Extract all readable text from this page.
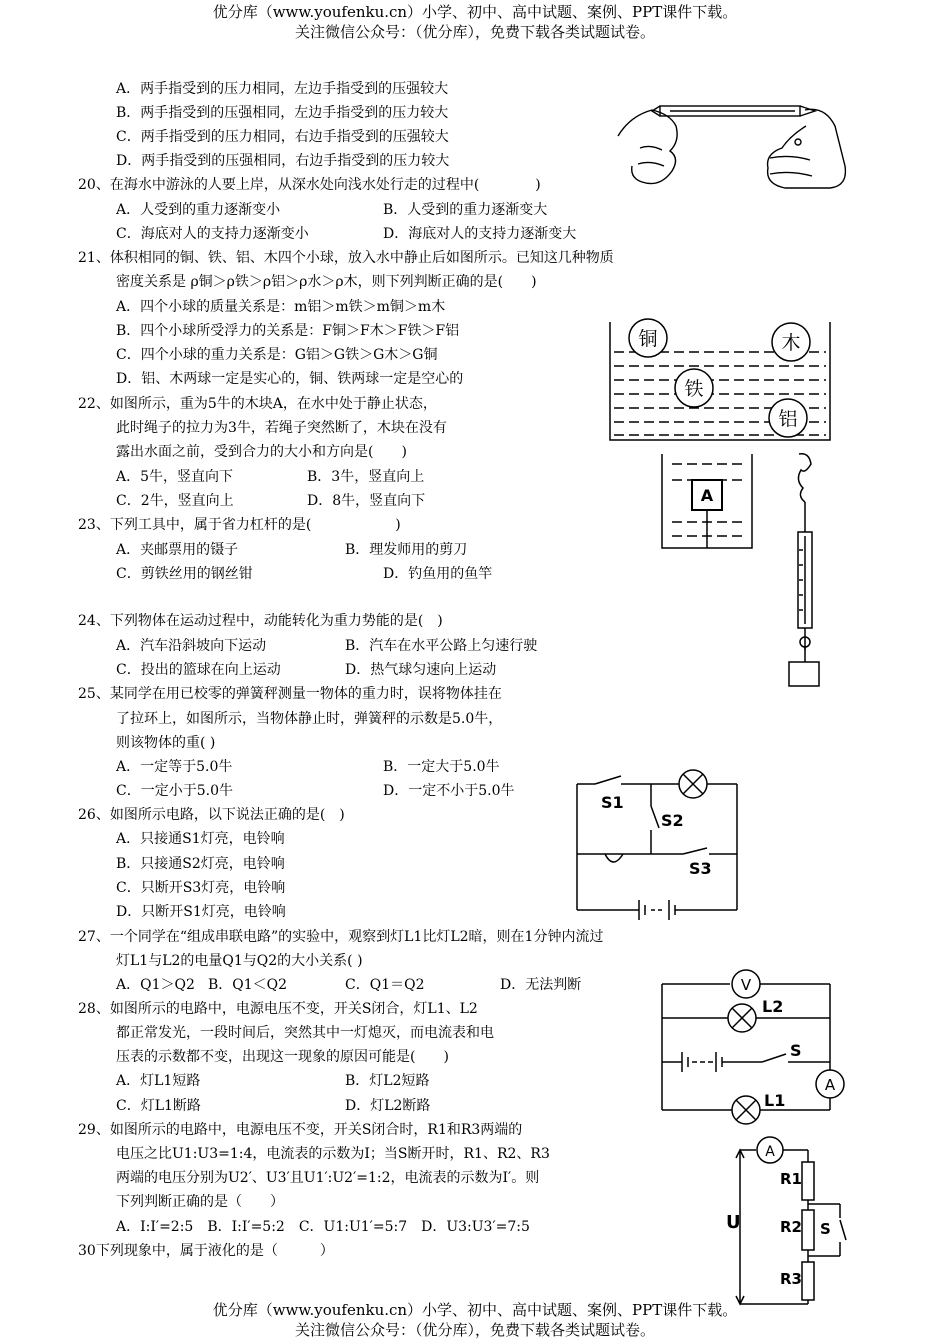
优分库（www.youfenku.cn）小学、初中、高中试题、案例、PPT课件下载。
关注微信公众号：（优分库），免费下载各类试题试卷。
A．两手指受到的压力相同，左边手指受到的压强较大
B．两手指受到的压强相同，左边手指受到的压力较大
C．两手指受到的压力相同，右边手指受到的压强较大
D．两手指受到的压强相同，右边手指受到的压力较大
20、在海水中游泳的人要上岸，从深水处向浅水处行走的过程中(　　　　)
A．人受到的重力逐渐变小	B．人受到的重力逐渐变大
C．海底对人的支持力逐渐变小	D．海底对人的支持力逐渐变大
21、体积相同的铜、铁、铝、木四个小球，放入水中静止后如图所示。已知这几种物质
密度关系是 ρ铜＞ρ铁＞ρ铝＞ρ水＞ρ木，则下列判断正确的是(　　)
A．四个小球的质量关系是：m铝＞m铁＞m铜＞m木
B．四个小球所受浮力的关系是：F铜＞F木＞F铁＞F铝
C．四个小球的重力关系是：G铝＞G铁＞G木＞G铜
D．铝、木两球一定是实心的，铜、铁两球一定是空心的
22、如图所示，重为5牛的木块A，在水中处于静止状态，
此时绳子的拉力为3牛，若绳子突然断了，木块在没有
露出水面之前，受到合力的大小和方向是(　　)
A．5牛，竖直向下	B．3牛，竖直向上
C．2牛，竖直向上	D．8牛，竖直向下
23、下列工具中，属于省力杠杆的是(　　　　　　)
A．夹邮票用的镊子	B．理发师用的剪刀
C．剪铁丝用的钢丝钳	D．钓鱼用的鱼竿
24、下列物体在运动过程中，动能转化为重力势能的是(　)
A．汽车沿斜坡向下运动	B．汽车在水平公路上匀速行驶
C．投出的篮球在向上运动	D．热气球匀速向上运动
25、某同学在用已校零的弹簧秤测量一物体的重力时，误将物体挂在
了拉环上，如图所示，当物体静止时，弹簧秤的示数是5.0牛，
则该物体的重( )
A．一定等于5.0牛	B．一定大于5.0牛
C．一定小于5.0牛	D．一定不小于5.0牛
26、如图所示电路，以下说法正确的是(　)
A．只接通S1灯亮，电铃响
B．只接通S2灯亮，电铃响
C．只断开S3灯亮，电铃响
D．只断开S1灯亮，电铃响
27、一个同学在“组成串联电路”的实验中，观察到灯L1比灯L2暗，则在1分钟内流过
灯L1与L2的电量Q1与Q2的大小关系( )
A．Q1＞Q2 B．Q1＜Q2	C．Q1＝Q2	D．无法判断
28、如图所示的电路中，电源电压不变，开关S闭合，灯L1、L2
都正常发光，一段时间后，突然其中一灯熄灭，而电流表和电
压表的示数都不变，出现这一现象的原因可能是(　　)
A．灯L1短路	B．灯L2短路
C．灯L1断路	D．灯L2断路
29、如图所示的电路中，电源电压不变，开关S闭合时，R1和R3两端的
电压之比U1:U3=1:4，电流表的示数为I；当S断开时，R1、R2、R3
两端的电压分别为U2′、U3′且U1′:U2′=1:2，电流表的示数为I′。则
下列判断正确的是（　　）
A．I:I′=2:5　B．I:I′=5:2　C．U1:U1′=5:7　D．U3:U3′=7:5
30下列现象中，属于液化的是（　　　）
优分库（www.youfenku.cn）小学、初中、高中试题、案例、PPT课件下载。
关注微信公众号：（优分库），免费下载各类试题试卷。
铜	木
铁
铝
A
S1
S2
S3
V
L2
S
A
L1
A
R1
R2 S
R3
U
